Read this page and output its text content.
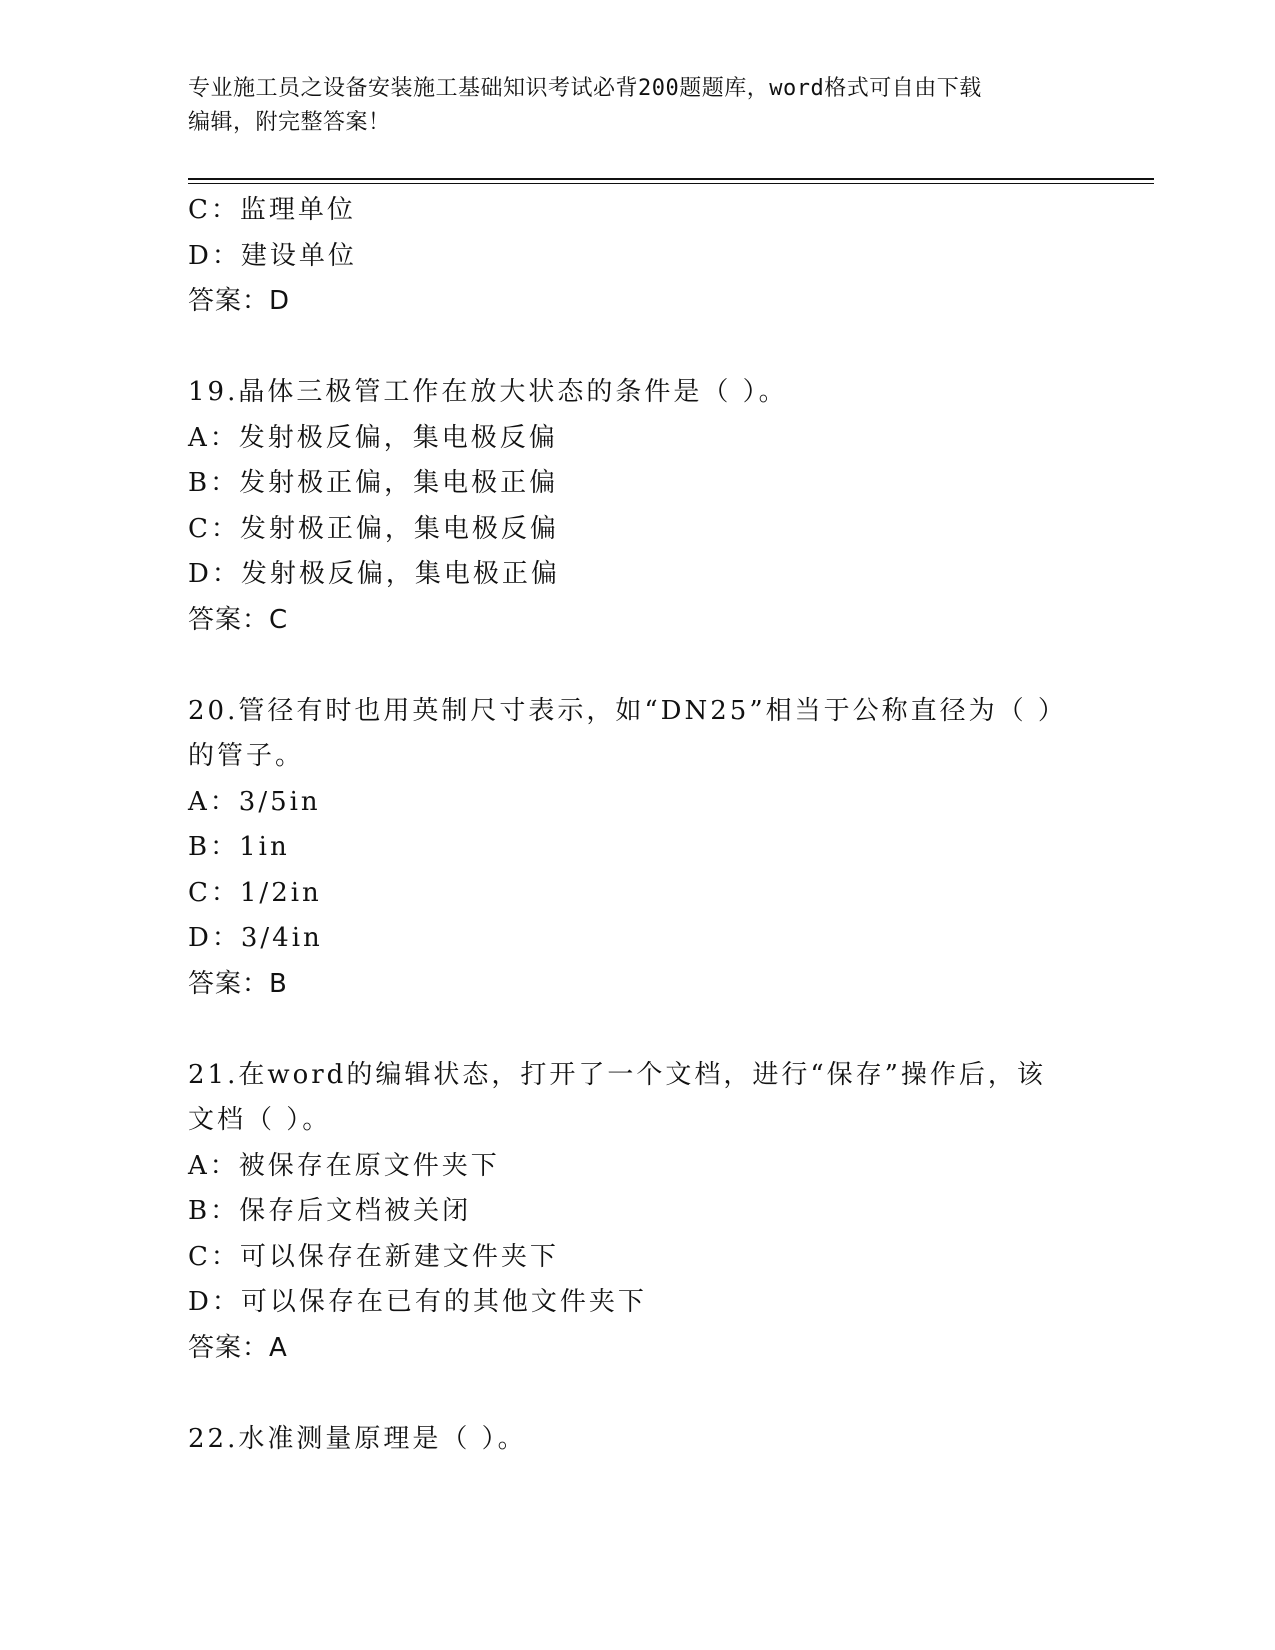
专业施工员之设备安装施工基础知识考试必背200题题库，word格式可自由下载
编辑，附完整答案！
C：监理单位
D：建设单位
答案：D
19.晶体三极管工作在放大状态的条件是（ ）。
A：发射极反偏，集电极反偏
B：发射极正偏，集电极正偏
C：发射极正偏，集电极反偏
D：发射极反偏，集电极正偏
答案：C
20.管径有时也用英制尺寸表示，如“DN25”相当于公称直径为（ ）
的管子。
A：3/5in
B：1in
C：1/2in
D：3/4in
答案：B
21.在word的编辑状态，打开了一个文档，进行“保存”操作后，该
文档（ ）。
A：被保存在原文件夹下
B：保存后文档被关闭
C：可以保存在新建文件夹下
D：可以保存在已有的其他文件夹下
答案：A
22.水准测量原理是（ ）。
